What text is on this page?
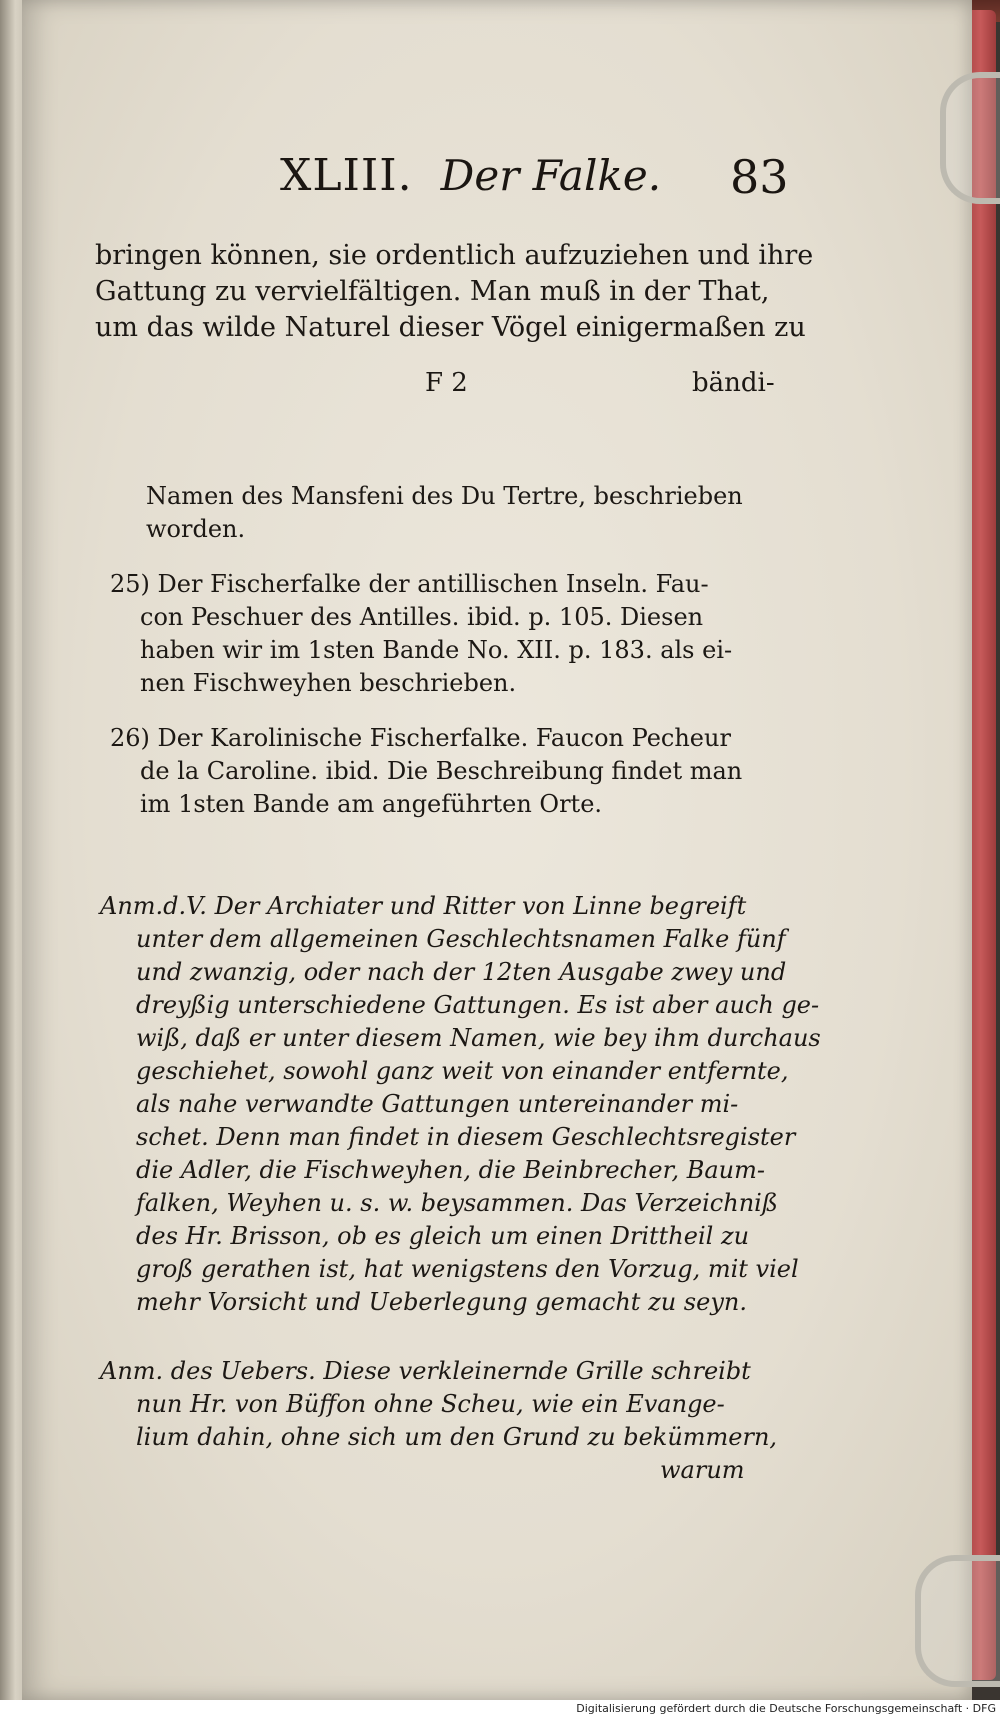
XLIII. Der Falke. 83
bringen können, sie ordentlich aufzuziehen und ihre
Gattung zu vervielfältigen. Man muß in der That,
um das wilde Naturel dieser Vögel einigermaßen zu
F 2	bändi-
Namen des Mansfeni des Du Tertre, beschrieben
worden.
25) Der Fischerfalke der antillischen Inseln. Fau-
con Peschuer des Antilles. ibid. p. 105. Diesen
haben wir im 1sten Bande No. XII. p. 183. als ei-
nen Fischweyhen beschrieben.
26) Der Karolinische Fischerfalke. Faucon Pecheur
de la Caroline. ibid. Die Beschreibung findet man
im 1sten Bande am angeführten Orte.
Anm.d.V. Der Archiater und Ritter von Linne begreift
unter dem allgemeinen Geschlechtsnamen Falke fünf
und zwanzig, oder nach der 12ten Ausgabe zwey und
dreyßig unterschiedene Gattungen. Es ist aber auch ge-
wiß, daß er unter diesem Namen, wie bey ihm durchaus
geschiehet, sowohl ganz weit von einander entfernte,
als nahe verwandte Gattungen untereinander mi-
schet. Denn man findet in diesem Geschlechtsregister
die Adler, die Fischweyhen, die Beinbrecher, Baum-
falken, Weyhen u. s. w. beysammen. Das Verzeichniß
des Hr. Brisson, ob es gleich um einen Drittheil zu
groß gerathen ist, hat wenigstens den Vorzug, mit viel
mehr Vorsicht und Ueberlegung gemacht zu seyn.
Anm. des Uebers. Diese verkleinernde Grille schreibt
nun Hr. von Büffon ohne Scheu, wie ein Evange-
lium dahin, ohne sich um den Grund zu bekümmern,
warum
Digitalisierung gefördert durch die Deutsche Forschungsgemeinschaft · DFG
